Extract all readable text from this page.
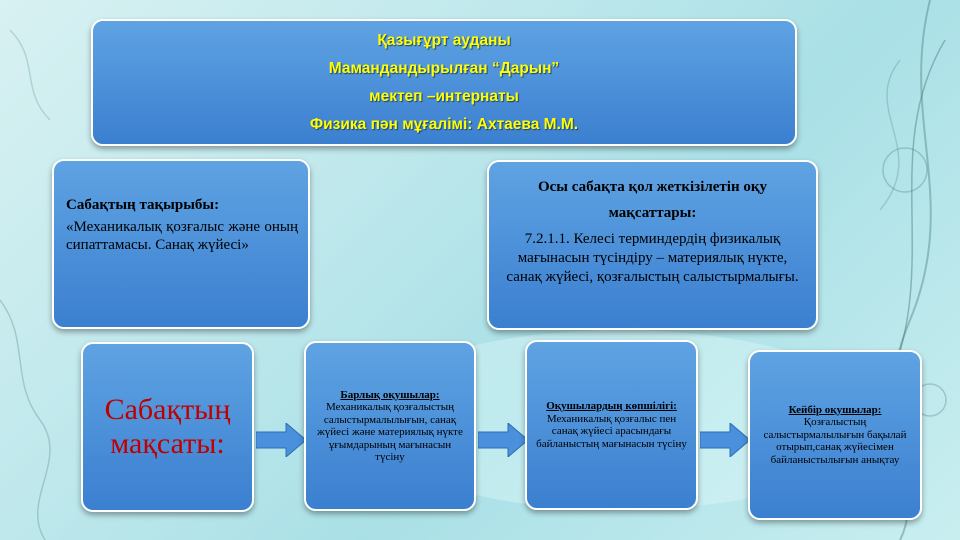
Қазығұрт ауданы
Мамандандырылған “Дарын”
мектеп –интернаты
Физика пән мұғалімі: Ахтаева М.М.
Сабақтың тақырыбы:
«Механикалық қозғалыс және оның сипаттамасы. Санақ жүйесі»
Осы сабақта қол жеткізілетін оқу мақсаттары:
7.2.1.1. Келесі терминдердің физикалық мағынасын түсіндіру – материялық нүкте, санақ жүйесі, қозғалыстың салыстырмалығы.
Сабақтың мақсаты:
Барлық оқушылар:
Механикалық қозғалыстың салыстырмалылығын, санақ жүйесі және материялық нүкте ұғымдарының мағынасын түсіну
Оқушылардың көпшілігі:
Механикалық қозғалыс пен санақ жүйесі арасындағы байланыстың мағынасын түсіну
Кейбір оқушылар:
Қозғалыстың салыстырмалылығын бақылай отырып,санақ жүйесімен байланыстылығын анықтау
